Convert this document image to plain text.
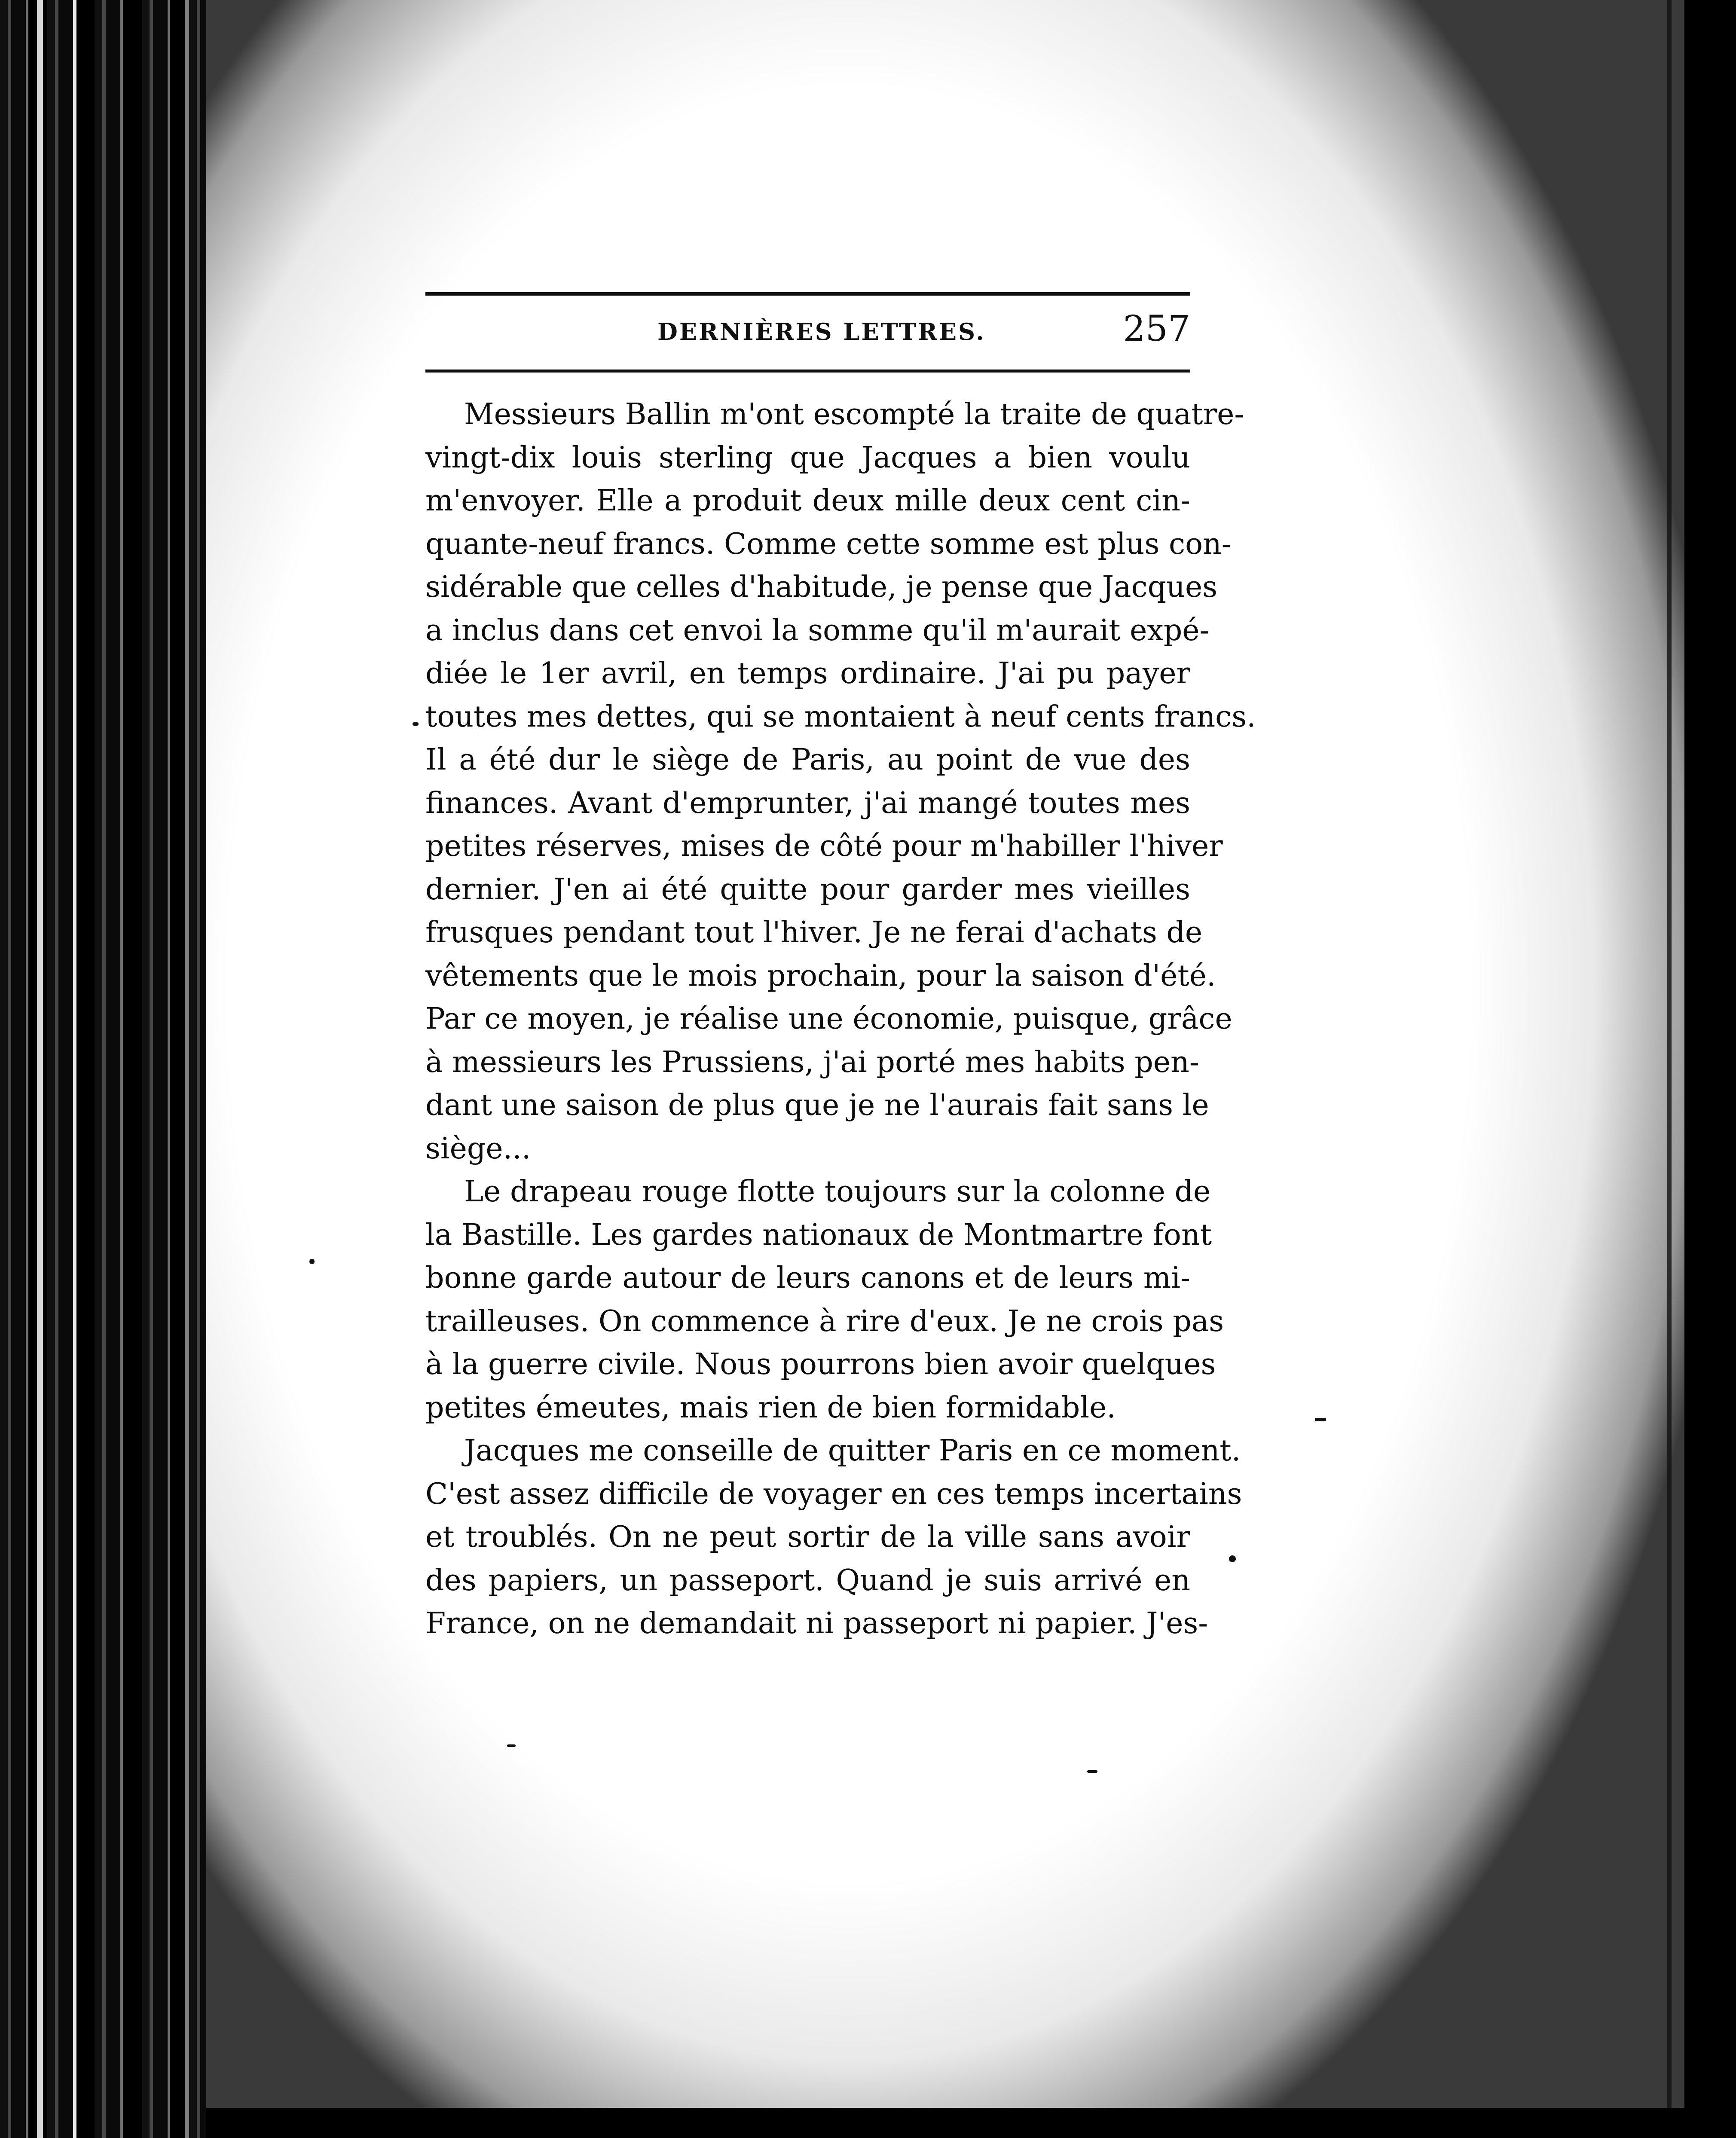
DERNIÈRES LETTRES.	257
Messieurs Ballin m'ont escompté la traite de quatre-
vingt-dix louis sterling que Jacques a bien voulu
m'envoyer. Elle a produit deux mille deux cent cin-
quante-neuf francs. Comme cette somme est plus con-
sidérable que celles d'habitude, je pense que Jacques
a inclus dans cet envoi la somme qu'il m'aurait expé-
diée le 1er avril, en temps ordinaire. J'ai pu payer
toutes mes dettes, qui se montaient à neuf cents francs.
Il a été dur le siège de Paris, au point de vue des
finances. Avant d'emprunter, j'ai mangé toutes mes
petites réserves, mises de côté pour m'habiller l'hiver
dernier. J'en ai été quitte pour garder mes vieilles
frusques pendant tout l'hiver. Je ne ferai d'achats de
vêtements que le mois prochain, pour la saison d'été.
Par ce moyen, je réalise une économie, puisque, grâce
à messieurs les Prussiens, j'ai porté mes habits pen-
dant une saison de plus que je ne l'aurais fait sans le
siège...
Le drapeau rouge flotte toujours sur la colonne de
la Bastille. Les gardes nationaux de Montmartre font
bonne garde autour de leurs canons et de leurs mi-
trailleuses. On commence à rire d'eux. Je ne crois pas
à la guerre civile. Nous pourrons bien avoir quelques
petites émeutes, mais rien de bien formidable.
Jacques me conseille de quitter Paris en ce moment.
C'est assez difficile de voyager en ces temps incertains
et troublés. On ne peut sortir de la ville sans avoir
des papiers, un passeport. Quand je suis arrivé en
France, on ne demandait ni passeport ni papier. J'es-
